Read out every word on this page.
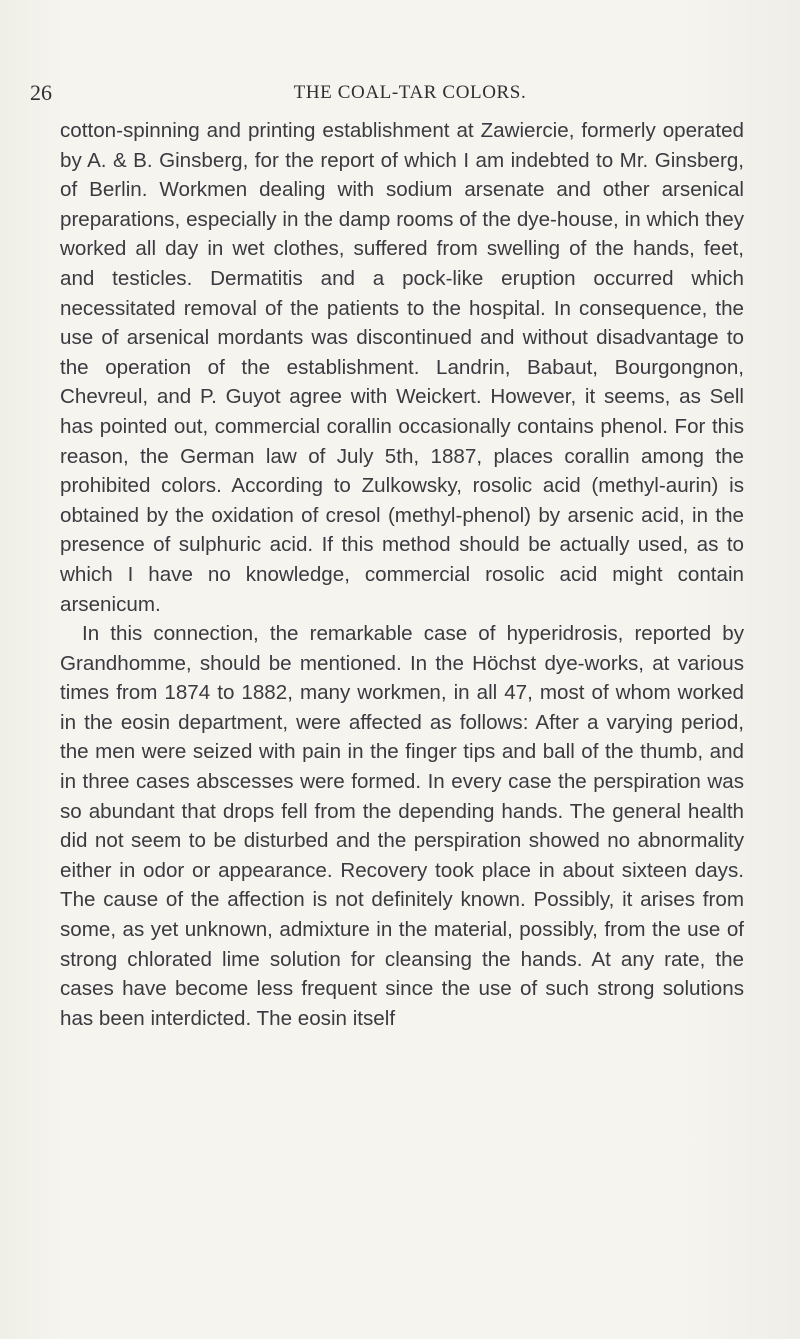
26	THE COAL-TAR COLORS.

cotton-spinning and printing establishment at Zawiercie, formerly operated by A. & B. Ginsberg, for the report of which I am indebted to Mr. Ginsberg, of Berlin. Workmen dealing with sodium arsenate and other arsenical preparations, especially in the damp rooms of the dye-house, in which they worked all day in wet clothes, suffered from swelling of the hands, feet, and testicles. Dermatitis and a pock-like eruption occurred which necessitated removal of the patients to the hospital. In consequence, the use of arsenical mordants was discontinued and without disadvantage to the operation of the establishment. Landrin, Babaut, Bourgongnon, Chevreul, and P. Guyot agree with Weickert. However, it seems, as Sell has pointed out, commercial corallin occasionally contains phenol. For this reason, the German law of July 5th, 1887, places corallin among the prohibited colors. According to Zulkowsky, rosolic acid (methyl-aurin) is obtained by the oxidation of cresol (methyl-phenol) by arsenic acid, in the presence of sulphuric acid. If this method should be actually used, as to which I have no knowledge, commercial rosolic acid might contain arsenicum.

In this connection, the remarkable case of hyperidrosis, reported by Grandhomme, should be mentioned. In the Höchst dye-works, at various times from 1874 to 1882, many workmen, in all 47, most of whom worked in the eosin department, were affected as follows: After a varying period, the men were seized with pain in the finger tips and ball of the thumb, and in three cases abscesses were formed. In every case the perspiration was so abundant that drops fell from the depending hands. The general health did not seem to be disturbed and the perspiration showed no abnormality either in odor or appearance. Recovery took place in about sixteen days. The cause of the affection is not definitely known. Possibly, it arises from some, as yet unknown, admixture in the material, possibly, from the use of strong chlorated lime solution for cleansing the hands. At any rate, the cases have become less frequent since the use of such strong solutions has been interdicted. The eosin itself
